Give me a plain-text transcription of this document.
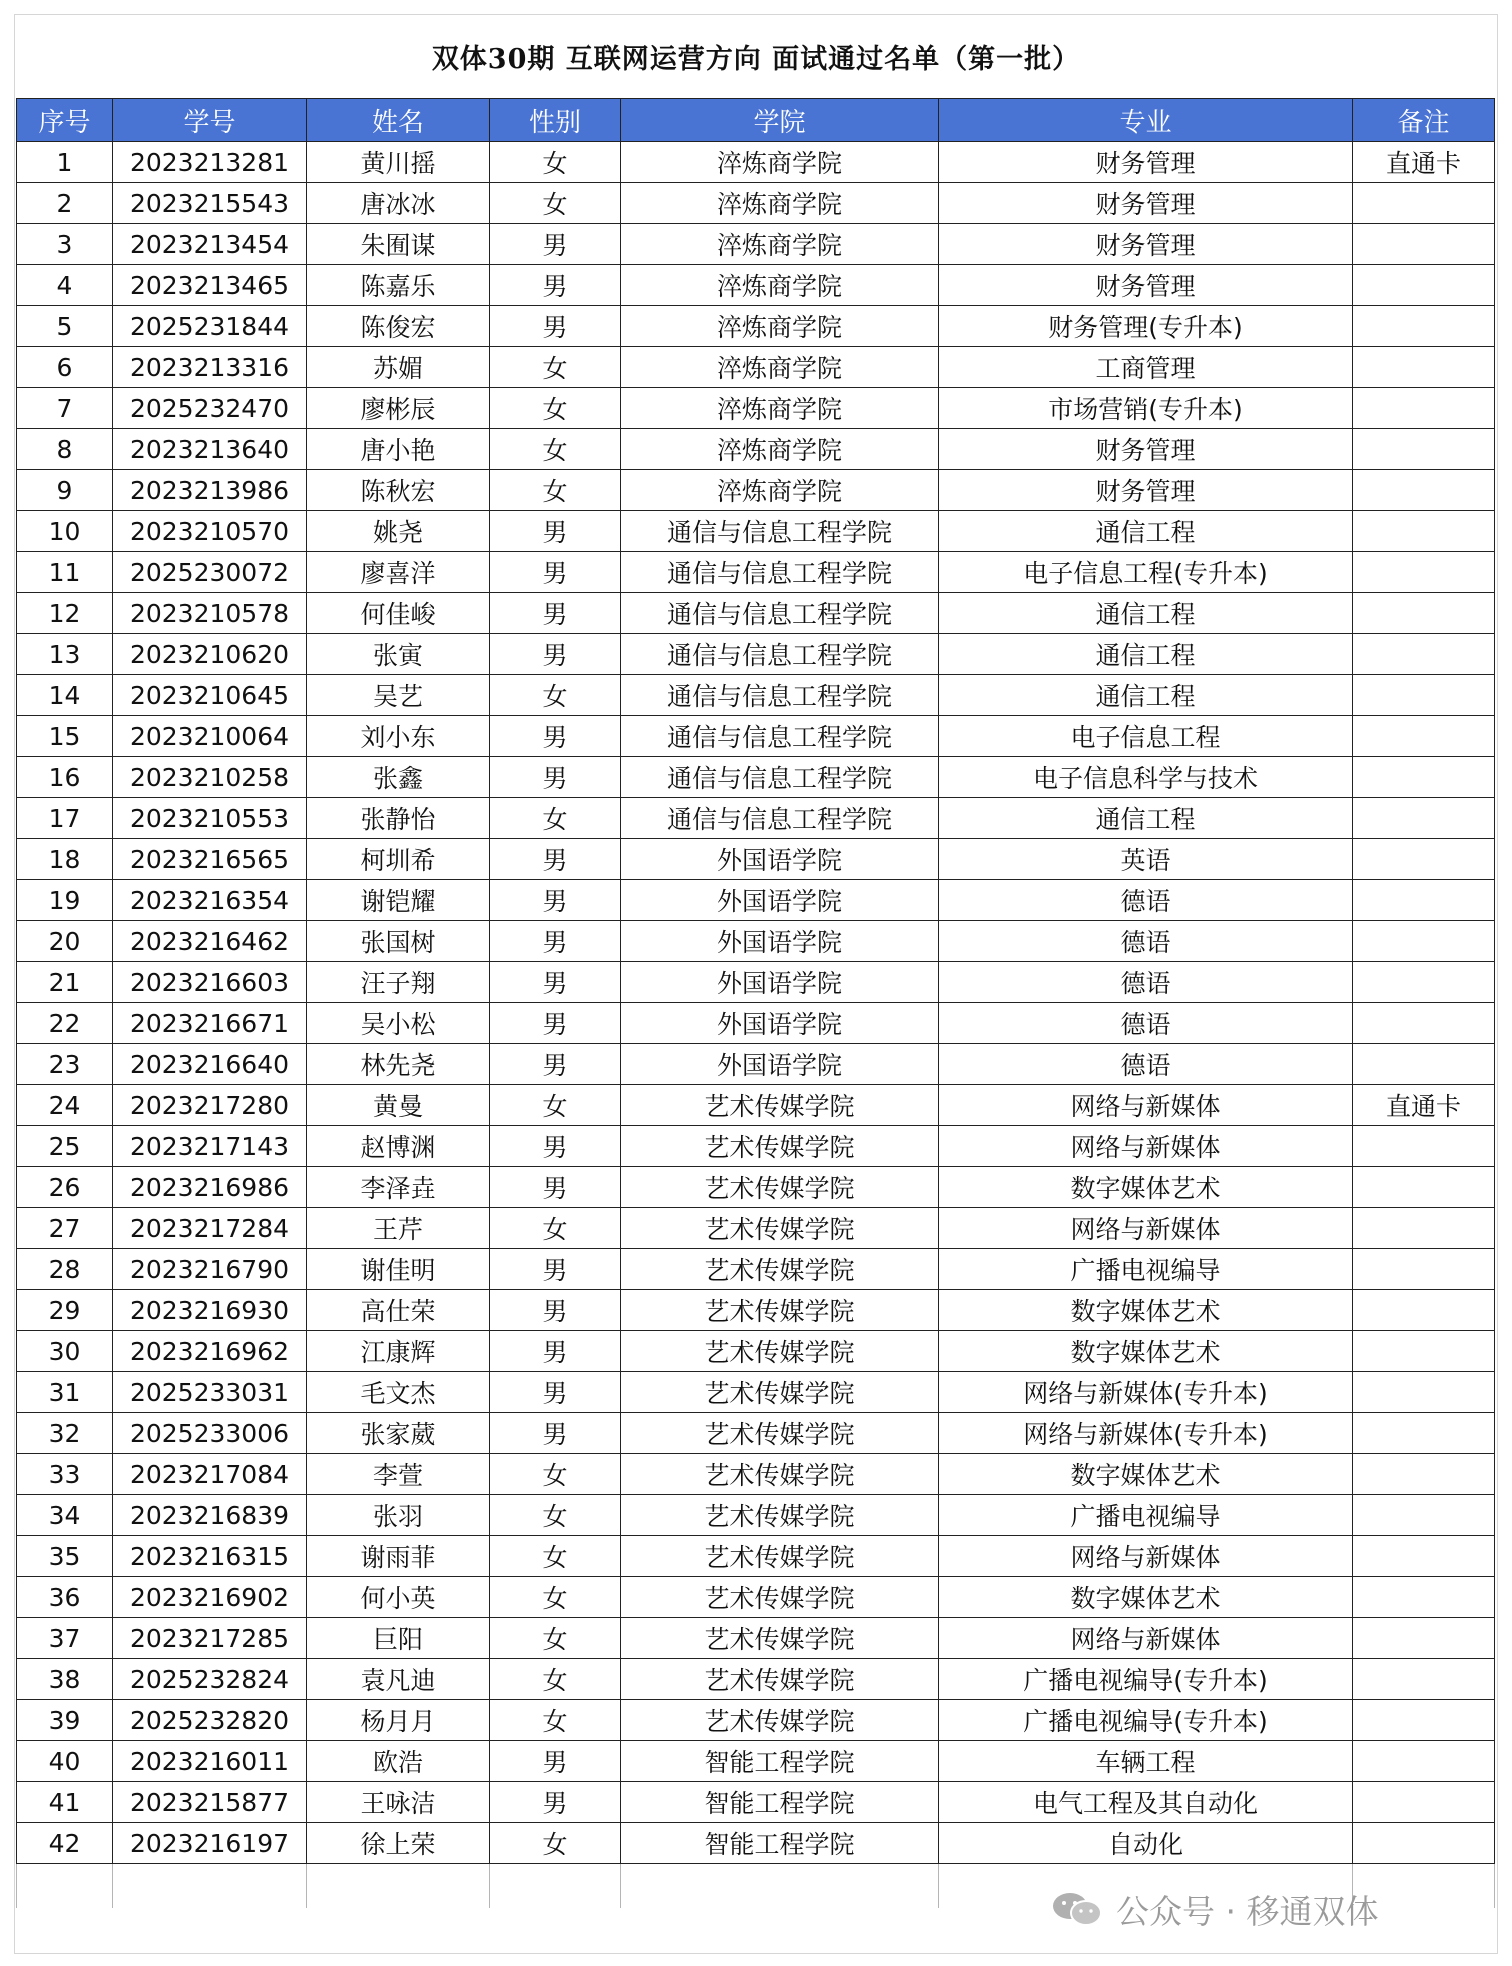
双体30期 互联网运营方向 面试通过名单（第一批）
序号	学号	姓名	性别	学院	专业	备注
1	2023213281	黄川摇	女	淬炼商学院	财务管理	直通卡
2	2023215543	唐冰冰	女	淬炼商学院	财务管理	
3	2023213454	朱囿谋	男	淬炼商学院	财务管理	
4	2023213465	陈嘉乐	男	淬炼商学院	财务管理	
5	2025231844	陈俊宏	男	淬炼商学院	财务管理(专升本)	
6	2023213316	苏媚	女	淬炼商学院	工商管理	
7	2025232470	廖彬辰	女	淬炼商学院	市场营销(专升本)	
8	2023213640	唐小艳	女	淬炼商学院	财务管理	
9	2023213986	陈秋宏	女	淬炼商学院	财务管理	
10	2023210570	姚尧	男	通信与信息工程学院	通信工程	
11	2025230072	廖喜洋	男	通信与信息工程学院	电子信息工程(专升本)	
12	2023210578	何佳峻	男	通信与信息工程学院	通信工程	
13	2023210620	张寅	男	通信与信息工程学院	通信工程	
14	2023210645	吴艺	女	通信与信息工程学院	通信工程	
15	2023210064	刘小东	男	通信与信息工程学院	电子信息工程	
16	2023210258	张鑫	男	通信与信息工程学院	电子信息科学与技术	
17	2023210553	张静怡	女	通信与信息工程学院	通信工程	
18	2023216565	柯圳希	男	外国语学院	英语	
19	2023216354	谢铠耀	男	外国语学院	德语	
20	2023216462	张国树	男	外国语学院	德语	
21	2023216603	汪子翔	男	外国语学院	德语	
22	2023216671	吴小松	男	外国语学院	德语	
23	2023216640	林先尧	男	外国语学院	德语	
24	2023217280	黄曼	女	艺术传媒学院	网络与新媒体	直通卡
25	2023217143	赵博渊	男	艺术传媒学院	网络与新媒体	
26	2023216986	李泽垚	男	艺术传媒学院	数字媒体艺术	
27	2023217284	王芹	女	艺术传媒学院	网络与新媒体	
28	2023216790	谢佳明	男	艺术传媒学院	广播电视编导	
29	2023216930	高仕荣	男	艺术传媒学院	数字媒体艺术	
30	2023216962	江康辉	男	艺术传媒学院	数字媒体艺术	
31	2025233031	毛文杰	男	艺术传媒学院	网络与新媒体(专升本)	
32	2025233006	张家葳	男	艺术传媒学院	网络与新媒体(专升本)	
33	2023217084	李萱	女	艺术传媒学院	数字媒体艺术	
34	2023216839	张羽	女	艺术传媒学院	广播电视编导	
35	2023216315	谢雨菲	女	艺术传媒学院	网络与新媒体	
36	2023216902	何小英	女	艺术传媒学院	数字媒体艺术	
37	2023217285	巨阳	女	艺术传媒学院	网络与新媒体	
38	2025232824	袁凡迪	女	艺术传媒学院	广播电视编导(专升本)	
39	2025232820	杨月月	女	艺术传媒学院	广播电视编导(专升本)	
40	2023216011	欧浩	男	智能工程学院	车辆工程	
41	2023215877	王咏洁	男	智能工程学院	电气工程及其自动化	
42	2023216197	徐上荣	女	智能工程学院	自动化	

公众号 · 移通双体
